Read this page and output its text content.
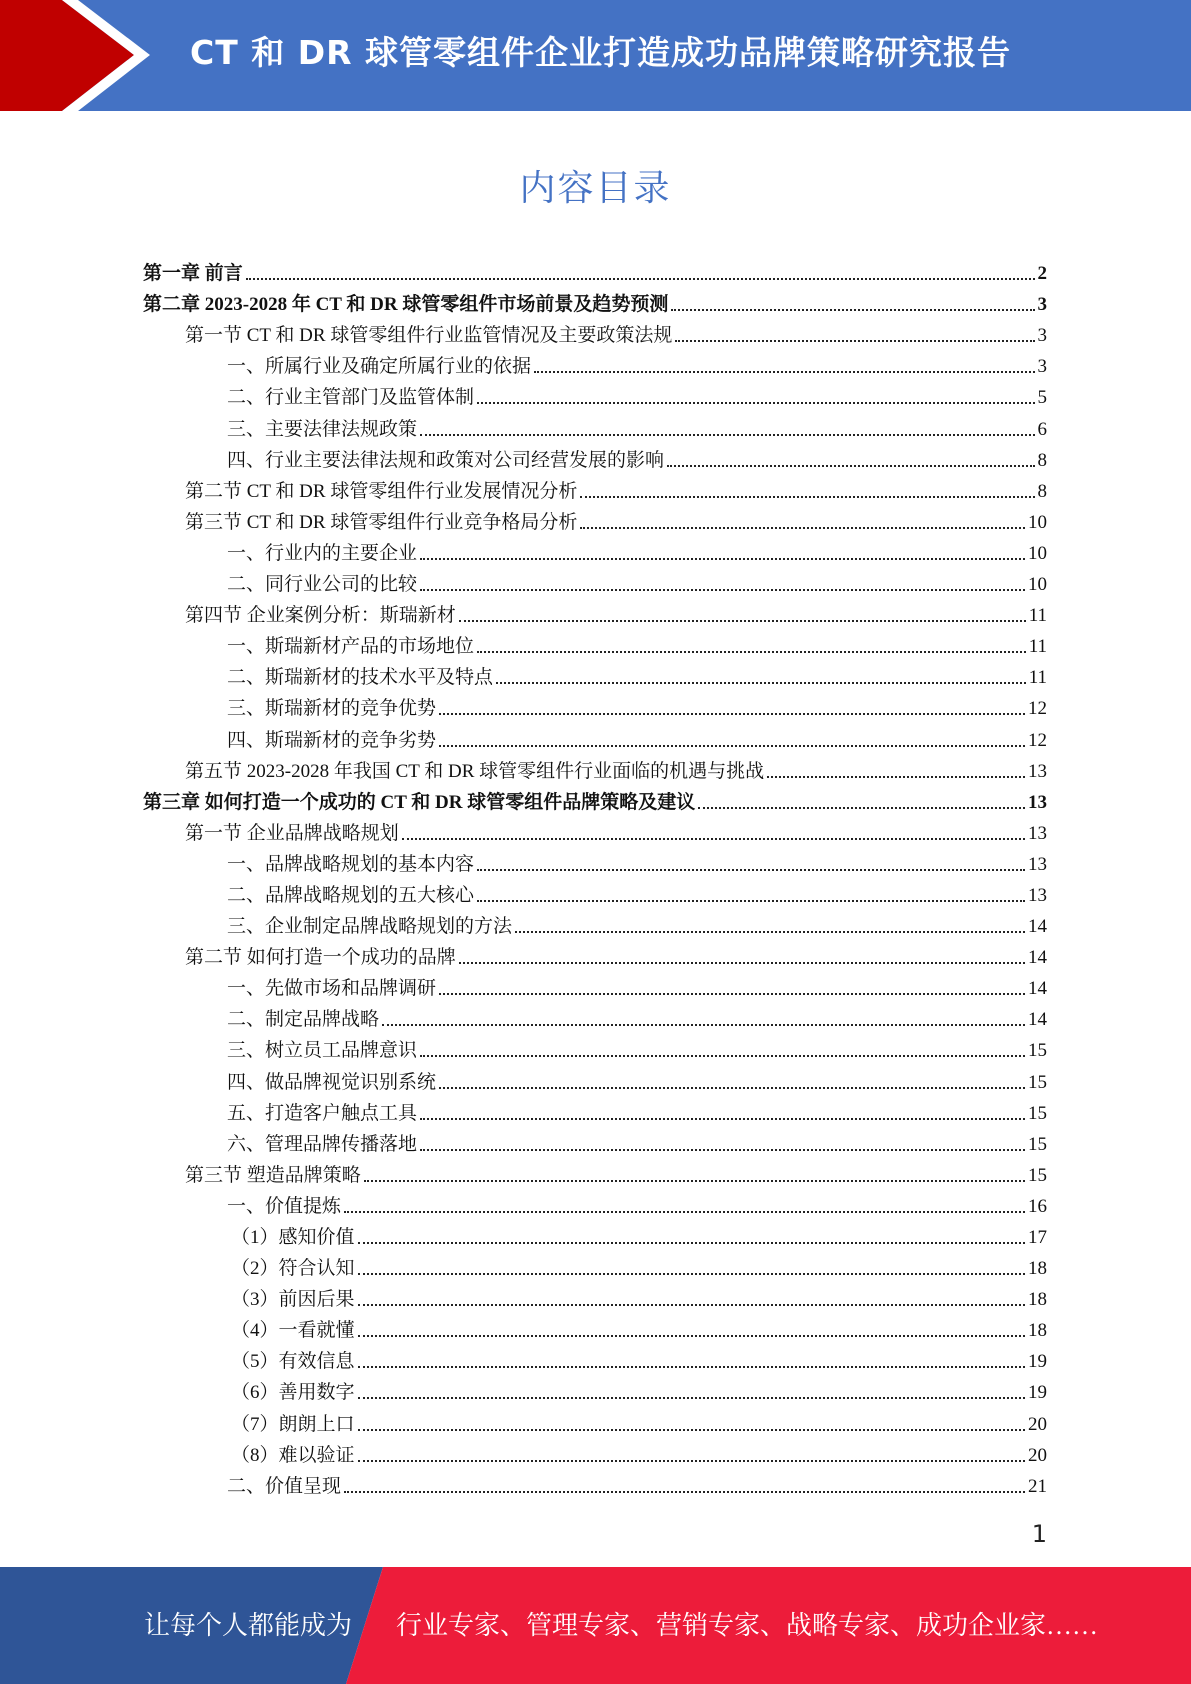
CT 和 DR 球管零组件企业打造成功品牌策略研究报告
内容目录
第一章 前言	2
第二章 2023-2028 年 CT 和 DR 球管零组件市场前景及趋势预测	3
第一节 CT 和 DR 球管零组件行业监管情况及主要政策法规	3
一、所属行业及确定所属行业的依据	3
二、行业主管部门及监管体制	5
三、主要法律法规政策	6
四、行业主要法律法规和政策对公司经营发展的影响	8
第二节 CT 和 DR 球管零组件行业发展情况分析	8
第三节 CT 和 DR 球管零组件行业竞争格局分析	10
一、行业内的主要企业	10
二、同行业公司的比较	10
第四节 企业案例分析：斯瑞新材	11
一、斯瑞新材产品的市场地位	11
二、斯瑞新材的技术水平及特点	11
三、斯瑞新材的竞争优势	12
四、斯瑞新材的竞争劣势	12
第五节 2023-2028 年我国 CT 和 DR 球管零组件行业面临的机遇与挑战	13
第三章 如何打造一个成功的 CT 和 DR 球管零组件品牌策略及建议	13
第一节 企业品牌战略规划	13
一、品牌战略规划的基本内容	13
二、品牌战略规划的五大核心	13
三、企业制定品牌战略规划的方法	14
第二节 如何打造一个成功的品牌	14
一、先做市场和品牌调研	14
二、制定品牌战略	14
三、树立员工品牌意识	15
四、做品牌视觉识别系统	15
五、打造客户触点工具	15
六、管理品牌传播落地	15
第三节 塑造品牌策略	15
一、价值提炼	16
（1）感知价值	17
（2）符合认知	18
（3）前因后果	18
（4）一看就懂	18
（5）有效信息	19
（6）善用数字	19
（7）朗朗上口	20
（8）难以验证	20
二、价值呈现	21
1
让每个人都能成为 行业专家、管理专家、营销专家、战略专家、成功企业家……
